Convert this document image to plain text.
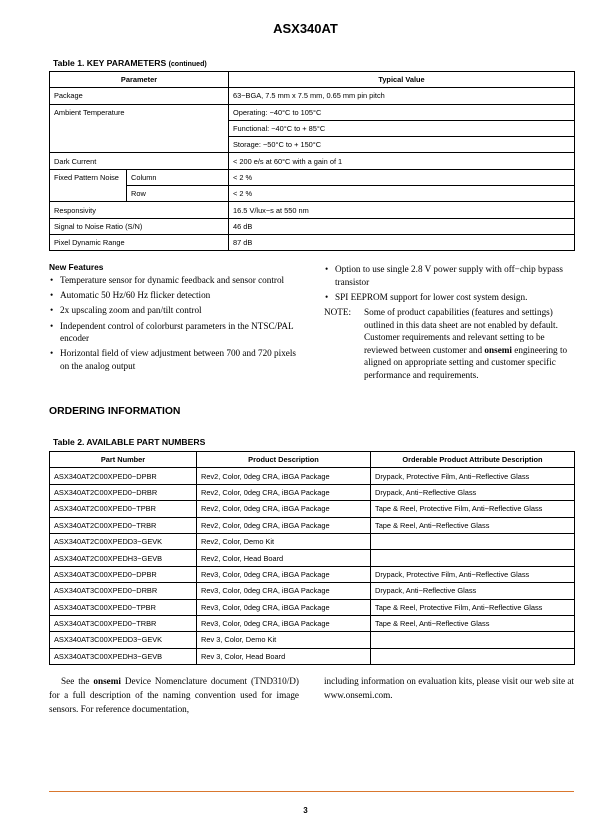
ASX340AT
Table 1. KEY PARAMETERS (continued)
Parameter		Typical Value
Package		63−BGA, 7.5 mm x 7.5 mm, 0.65 mm pin pitch
Ambient Temperature		Operating: −40°C to 105°C
		Functional: −40°C to + 85°C
		Storage: −50°C to + 150°C
Dark Current		< 200 e/s at 60°C with a gain of 1
Fixed Pattern Noise	Column	< 2 %
	Row	< 2 %
Responsivity		16.5 V/lux−s at 550 nm
Signal to Noise Ratio (S/N)		46 dB
Pixel Dynamic Range		87 dB
New Features
• Temperature sensor for dynamic feedback and sensor control
• Automatic 50 Hz/60 Hz flicker detection
• 2x upscaling zoom and pan/tilt control
• Independent control of colorburst parameters in the NTSC/PAL encoder
• Horizontal field of view adjustment between 700 and 720 pixels on the analog output
• Option to use single 2.8 V power supply with off−chip bypass transistor
• SPI EEPROM support for lower cost system design.
NOTE:	Some of product capabilities (features and settings) outlined in this data sheet are not enabled by default. Customer requirements and relevant setting to be reviewed between customer and onsemi engineering to aligned on appropriate setting and customer specific performance and requirements.
ORDERING INFORMATION
Table 2. AVAILABLE PART NUMBERS
Part Number	Product Description	Orderable Product Attribute Description
ASX340AT2C00XPED0−DPBR	Rev2, Color, 0deg CRA, iBGA Package	Drypack, Protective Film, Anti−Reflective Glass
ASX340AT2C00XPED0−DRBR	Rev2, Color, 0deg CRA, iBGA Package	Drypack, Anti−Reflective Glass
ASX340AT2C00XPED0−TPBR	Rev2, Color, 0deg CRA, iBGA Package	Tape & Reel, Protective Film, Anti−Reflective Glass
ASX340AT2C00XPED0−TRBR	Rev2, Color, 0deg CRA, iBGA Package	Tape & Reel, Anti−Reflective Glass
ASX340AT2C00XPEDD3−GEVK	Rev2, Color, Demo Kit	
ASX340AT2C00XPEDH3−GEVB	Rev2, Color, Head Board	
ASX340AT3C00XPED0−DPBR	Rev3, Color, 0deg CRA, iBGA Package	Drypack, Protective Film, Anti−Reflective Glass
ASX340AT3C00XPED0−DRBR	Rev3, Color, 0deg CRA, iBGA Package	Drypack, Anti−Reflective Glass
ASX340AT3C00XPED0−TPBR	Rev3, Color, 0deg CRA, iBGA Package	Tape & Reel, Protective Film, Anti−Reflective Glass
ASX340AT3C00XPED0−TRBR	Rev3, Color, 0deg CRA, iBGA Package	Tape & Reel, Anti−Reflective Glass
ASX340AT3C00XPEDD3−GEVK	Rev 3, Color, Demo Kit	
ASX340AT3C00XPEDH3−GEVB	Rev 3, Color, Head Board	
See the onsemi Device Nomenclature document (TND310/D) for a full description of the naming convention used for image sensors. For reference documentation,
including information on evaluation kits, please visit our web site at www.onsemi.com.
3
